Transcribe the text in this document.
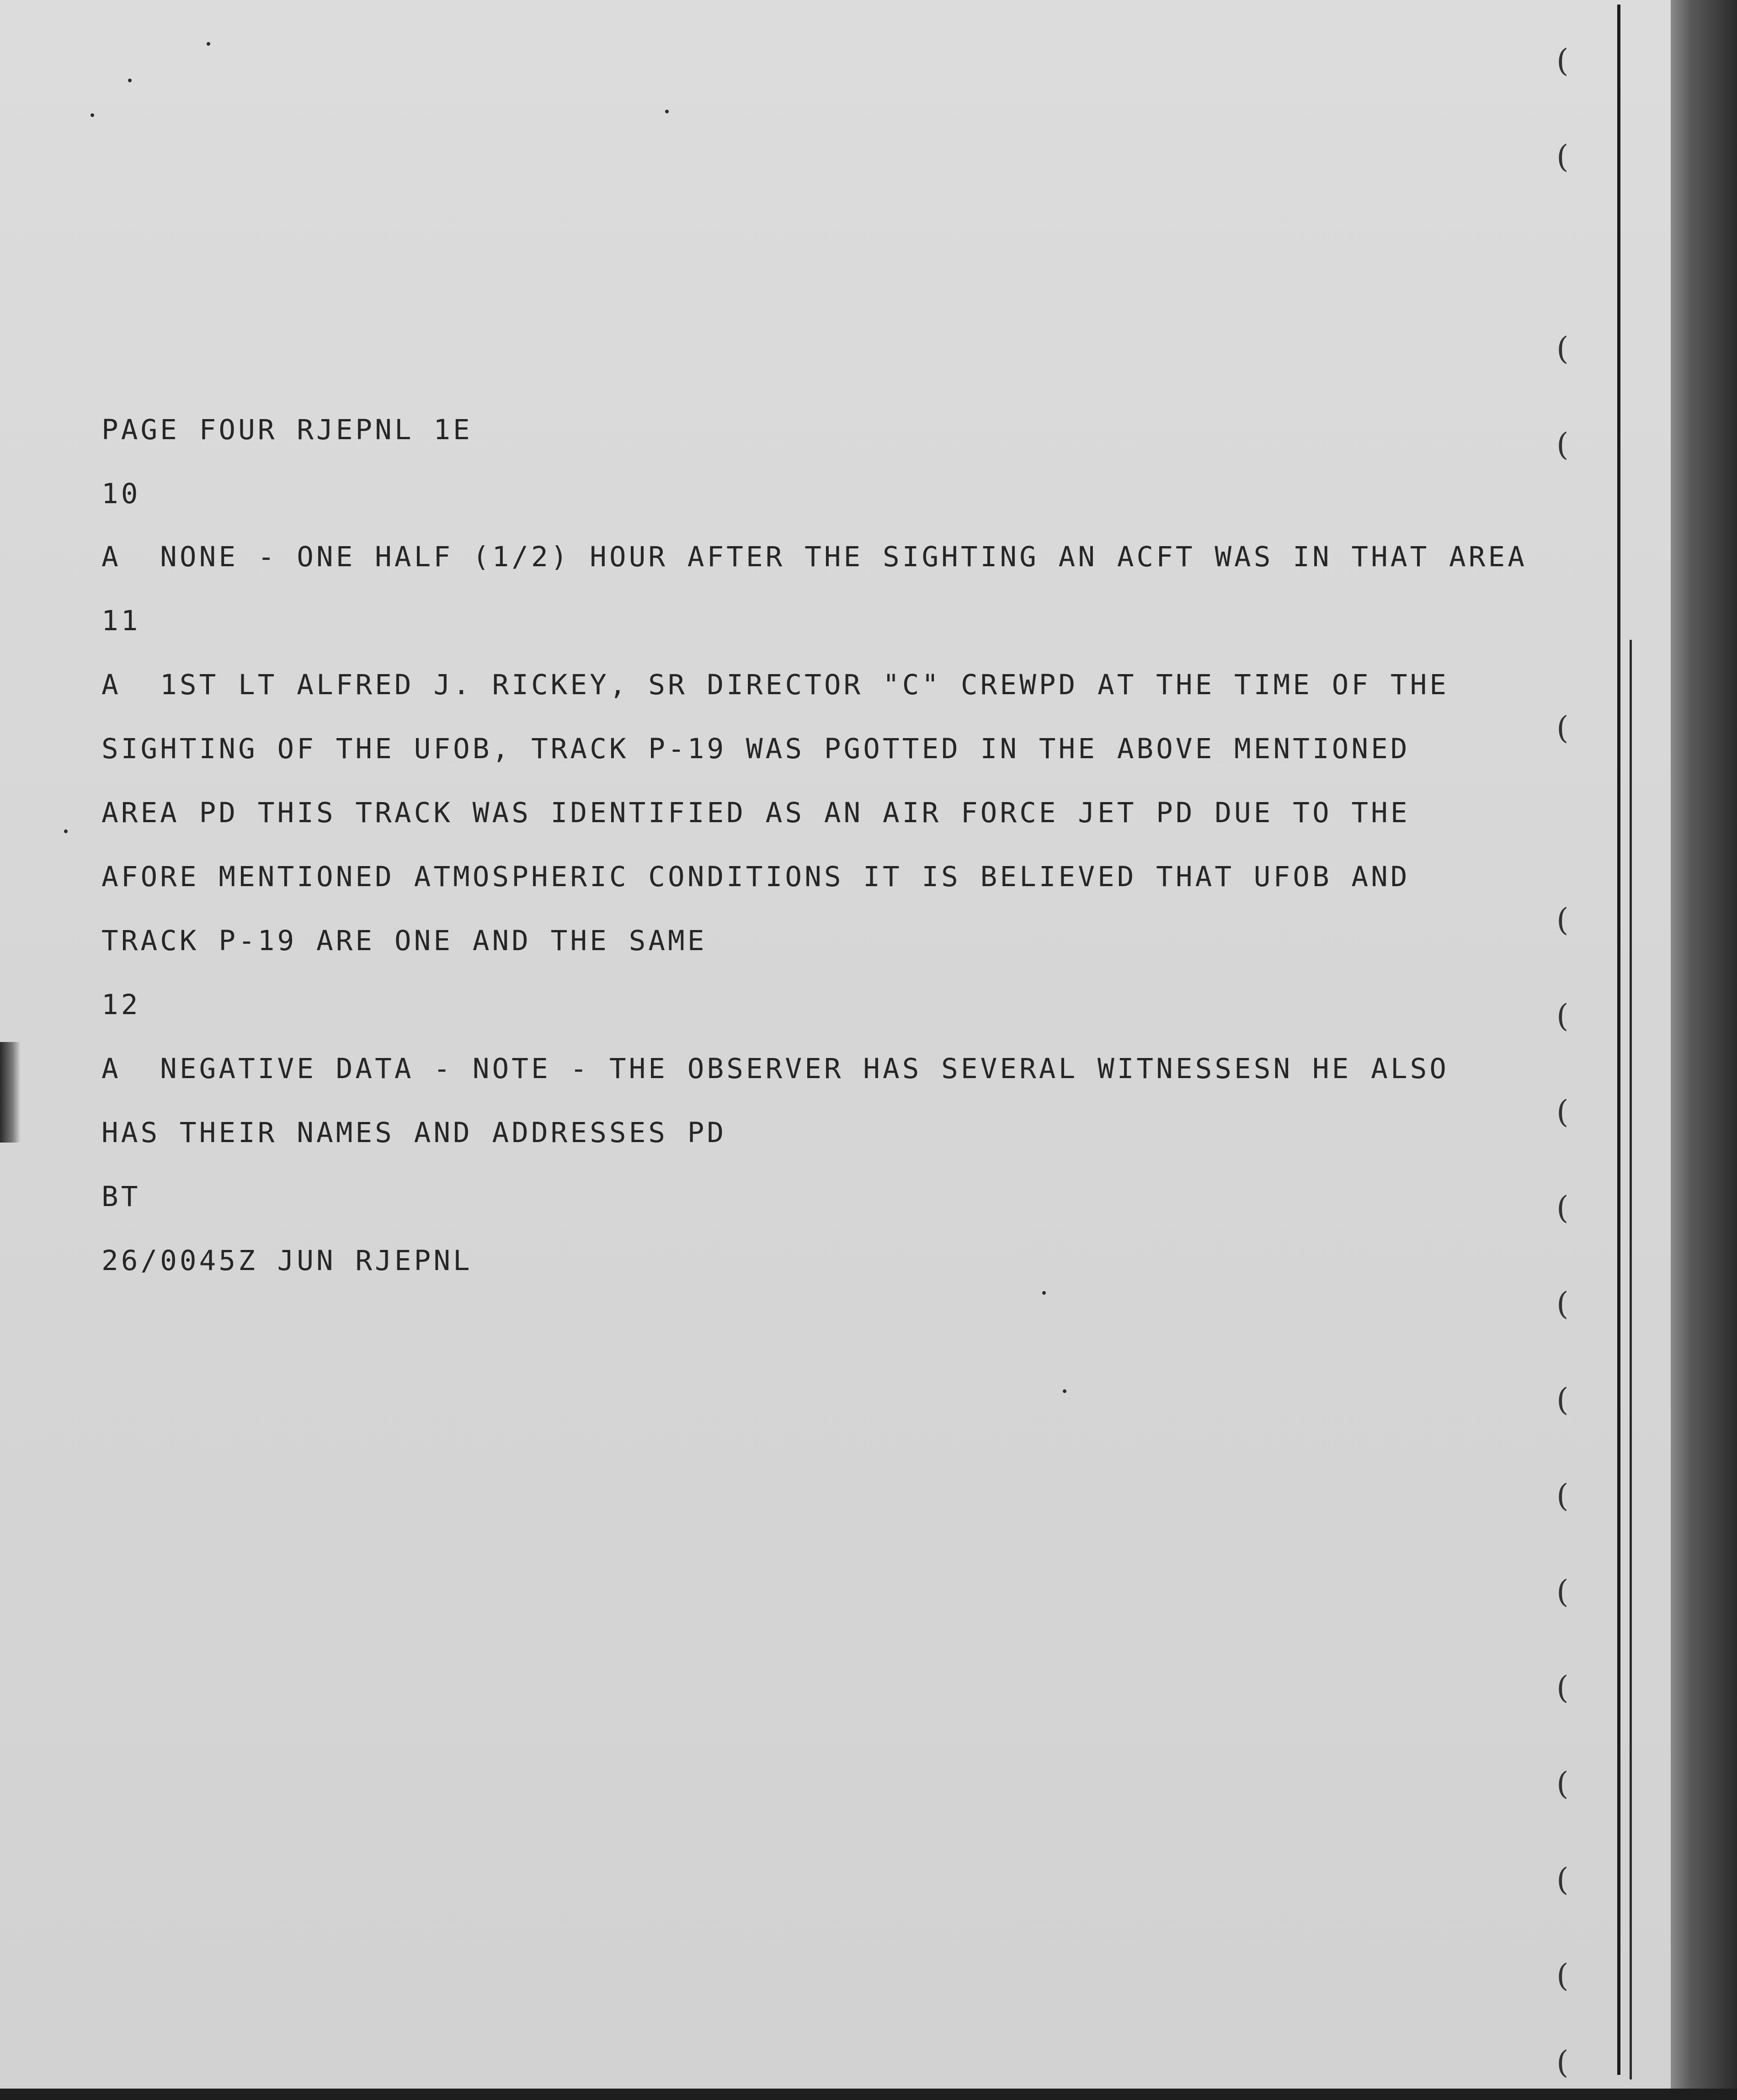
(
(
(
(
(
(
(
(
(
(
(
(
(
(
(
(
(
(
PAGE FOUR RJEPNL 1E
10
A  NONE - ONE HALF (1/2) HOUR AFTER THE SIGHTING AN ACFT WAS IN THAT AREA
11
A  1ST LT ALFRED J. RICKEY, SR DIRECTOR "C" CREWPD AT THE TIME OF THE
SIGHTING OF THE UFOB, TRACK P-19 WAS PGOTTED IN THE ABOVE MENTIONED
AREA PD THIS TRACK WAS IDENTIFIED AS AN AIR FORCE JET PD DUE TO THE
AFORE MENTIONED ATMOSPHERIC CONDITIONS IT IS BELIEVED THAT UFOB AND
TRACK P-19 ARE ONE AND THE SAME
12
A  NEGATIVE DATA - NOTE - THE OBSERVER HAS SEVERAL WITNESSESN HE ALSO
HAS THEIR NAMES AND ADDRESSES PD
BT
26/0045Z JUN RJEPNL
